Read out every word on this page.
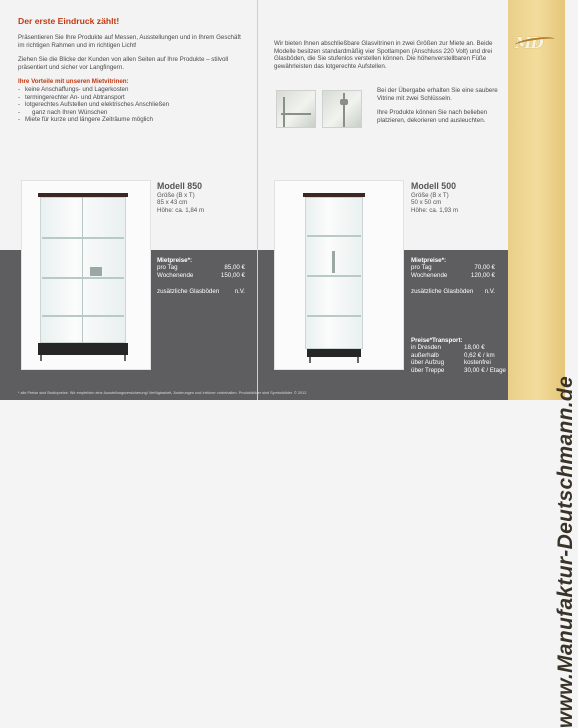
Der erste Eindruck zählt!

Präsentieren Sie Ihre Produkte auf Messen, Ausstellungen und in Ihrem Geschäft im richtigen Rahmen und im richtigen Licht!

Ziehen Sie die Blicke der Kunden von allen Seiten auf Ihre Produkte – stilvoll präsentiert und sicher vor Langfingern.

Ihre Vorteile mit unseren Mietvitrinen:
- keine Anschaffungs- und Lagerkosten
- termingerechter An- und Abtransport
- lotgerechtes Aufstellen und elektrisches Anschließen
- ganz nach Ihren Wünschen
- Miete für kurze und längere Zeiträume möglich

Wir bieten Ihnen abschließbare Glasvitrinen in zwei Größen zur Miete an. Beide Modelle besitzen standardmäßig vier Spotlampen (Anschluss 220 Volt) und drei Glasböden, die Sie stufenlos verstellen können. Die höhenverstellbaren Füße gewährleisten das lotgerechte Aufstellen.

Bei der Übergabe erhalten Sie eine saubere Vitrine mit zwei Schlüsseln.

Ihre Produkte können Sie nach belieben platzieren, dekorieren und ausleuchten.

Modell 850
Größe (B x T)
85 x 43 cm
Höhe: ca. 1,84 m
Mietpreise*:
pro Tag	85,00 €
Wochenende	150,00 €
zusätzliche Glasböden n.V.
Modell 500
Größe (B x T)
50 x 50 cm
Höhe: ca. 1,93 m
Mietpreise*:
pro Tag	70,00 €
Wochenende	120,00 €
zusätzliche Glasböden n.V.
Preise*Transport:
in Dresden	18,00 €
außerhalb	0,62 € / km
über Aufzug	kostenfrei
über Treppe	30,00 € / Etage
* alle Preise sind Bruttopreise. Wir empfehlen eine Ausstellungsversicherung! Verfügbarkeit, Änderungen und Irrtümer vorbehalten. Produktbilder sind Symbolbilder. © 2012
MD
www.Manufaktur-Deutschmann.de
